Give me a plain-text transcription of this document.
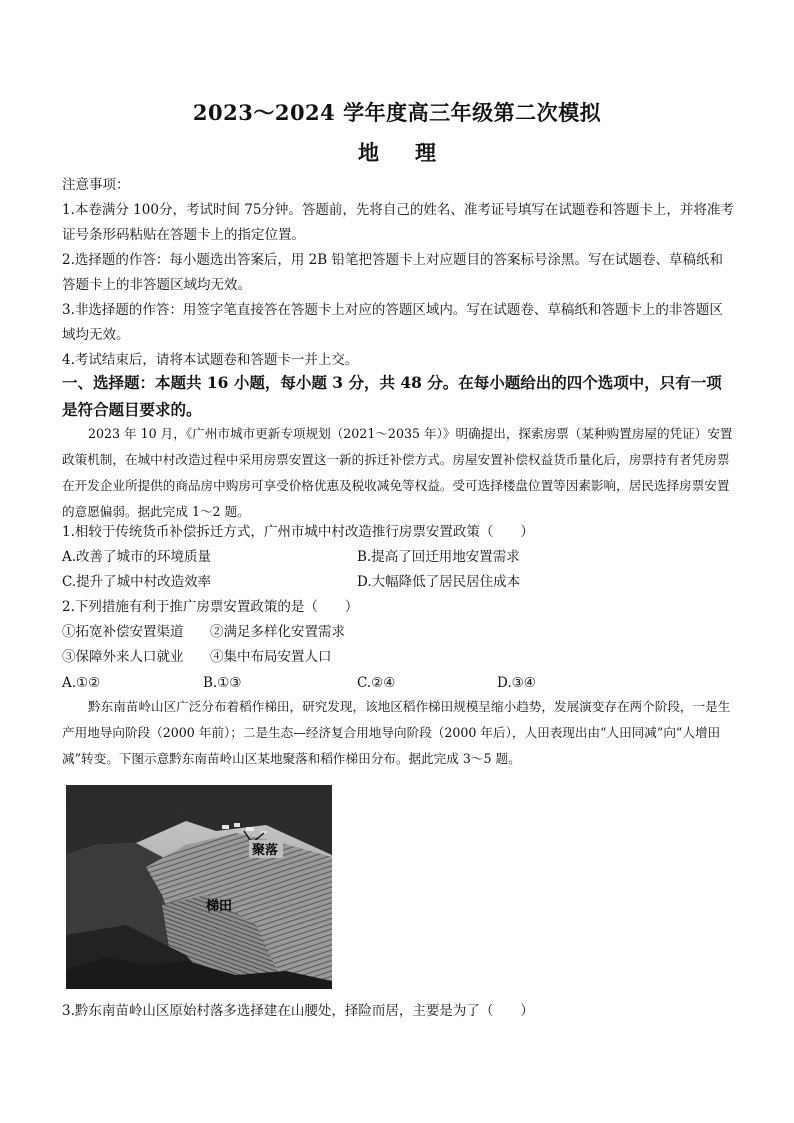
2023～2024 学年度高三年级第二次模拟
地理
注意事项：
1.本卷满分 100分，考试时间 75分钟。答题前，先将自己的姓名、准考证号填写在试题卷和答题卡上，并将准考证号条形码粘贴在答题卡上的指定位置。
2.选择题的作答：每小题选出答案后，用 2B 铅笔把答题卡上对应题目的答案标号涂黑。写在试题卷、草稿纸和答题卡上的非答题区域均无效。
3.非选择题的作答：用签字笔直接答在答题卡上对应的答题区域内。写在试题卷、草稿纸和答题卡上的非答题区域均无效。
4.考试结束后，请将本试题卷和答题卡一并上交。
一、选择题：本题共 16 小题，每小题 3 分，共 48 分。在每小题给出的四个选项中，只有一项是符合题目要求的。
2023 年 10 月，《广州市城市更新专项规划（2021～2035 年）》明确提出，探索房票（某种购置房屋的凭证）安置政策机制，在城中村改造过程中采用房票安置这一新的拆迁补偿方式。房屋安置补偿权益货币量化后，房票持有者凭房票在开发企业所提供的商品房中购房可享受价格优惠及税收减免等权益。受可选择楼盘位置等因素影响，居民选择房票安置的意愿偏弱。据此完成 1～2 题。
1.相较于传统货币补偿拆迁方式，广州市城中村改造推行房票安置政策（　　）
A.改善了城市的环境质量	B.提高了回迁用地安置需求
C.提升了城中村改造效率	D.大幅降低了居民居住成本
2.下列措施有利于推广房票安置政策的是（　　）
①拓宽补偿安置渠道 ②满足多样化安置需求
③保障外来人口就业 ④集中布局安置人口
A.①②	B.①③	C.②④	D.③④
黔东南苗岭山区广泛分布着稻作梯田，研究发现，该地区稻作梯田规模呈缩小趋势，发展演变存在两个阶段，一是生产用地导向阶段（2000 年前）；二是生态—经济复合用地导向阶段（2000 年后），人田表现出由“人田同减”向“人增田减”转变。下图示意黔东南苗岭山区某地聚落和稻作梯田分布。据此完成 3～5 题。
聚落
梯田
3.黔东南苗岭山区原始村落多选择建在山腰处，择险而居，主要是为了（　　）
